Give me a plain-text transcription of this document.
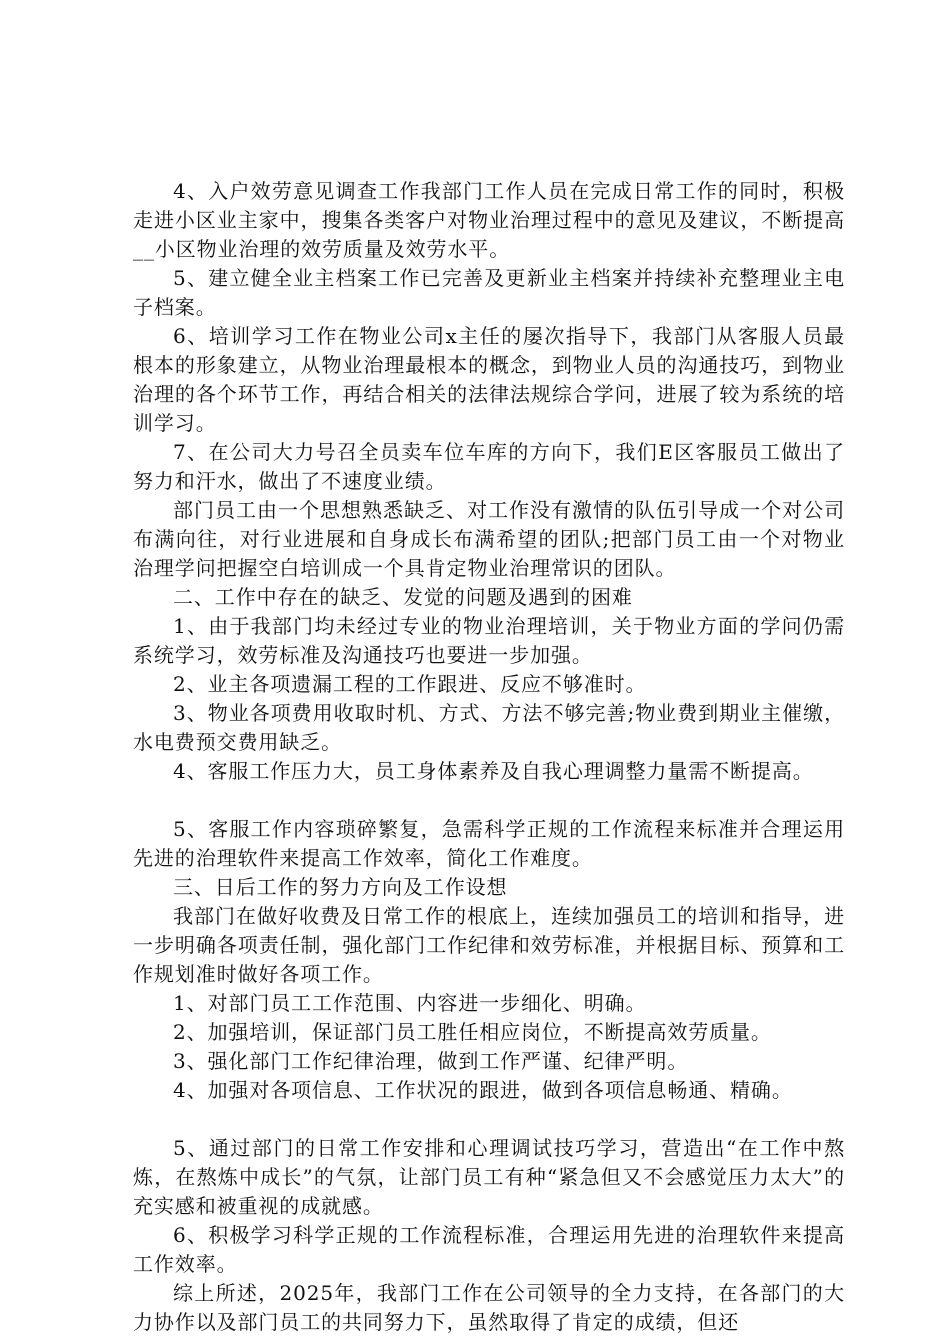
4、入户效劳意见调查工作我部门工作人员在完成日常工作的同时，积极走进小区业主家中，搜集各类客户对物业治理过程中的意见及建议，不断提高__小区物业治理的效劳质量及效劳水平。

5、建立健全业主档案工作已完善及更新业主档案并持续补充整理业主电子档案。

6、培训学习工作在物业公司x主任的屡次指导下，我部门从客服人员最根本的形象建立，从物业治理最根本的概念，到物业人员的沟通技巧，到物业治理的各个环节工作，再结合相关的法律法规综合学问，进展了较为系统的培训学习。

7、在公司大力号召全员卖车位车库的方向下，我们E区客服员工做出了努力和汗水，做出了不速度业绩。

部门员工由一个思想熟悉缺乏、对工作没有激情的队伍引导成一个对公司布满向往，对行业进展和自身成长布满希望的团队;把部门员工由一个对物业治理学问把握空白培训成一个具肯定物业治理常识的团队。

二、工作中存在的缺乏、发觉的问题及遇到的困难

1、由于我部门均未经过专业的物业治理培训，关于物业方面的学问仍需系统学习，效劳标准及沟通技巧也要进一步加强。

2、业主各项遗漏工程的工作跟进、反应不够准时。

3、物业各项费用收取时机、方式、方法不够完善;物业费到期业主催缴，水电费预交费用缺乏。

4、客服工作压力大，员工身体素养及自我心理调整力量需不断提高。

5、客服工作内容琐碎繁复，急需科学正规的工作流程来标准并合理运用先进的治理软件来提高工作效率，简化工作难度。

三、日后工作的努力方向及工作设想

我部门在做好收费及日常工作的根底上，连续加强员工的培训和指导，进一步明确各项责任制，强化部门工作纪律和效劳标准，并根据目标、预算和工作规划准时做好各项工作。

1、对部门员工工作范围、内容进一步细化、明确。

2、加强培训，保证部门员工胜任相应岗位，不断提高效劳质量。

3、强化部门工作纪律治理，做到工作严谨、纪律严明。

4、加强对各项信息、工作状况的跟进，做到各项信息畅通、精确。

5、通过部门的日常工作安排和心理调试技巧学习，营造出“在工作中熬炼，在熬炼中成长”的气氛，让部门员工有种“紧急但又不会感觉压力太大”的充实感和被重视的成就感。

6、积极学习科学正规的工作流程标准，合理运用先进的治理软件来提高工作效率。

综上所述，2025年，我部门工作在公司领导的全力支持，在各部门的大力协作以及部门员工的共同努力下，虽然取得了肯定的成绩，但还
